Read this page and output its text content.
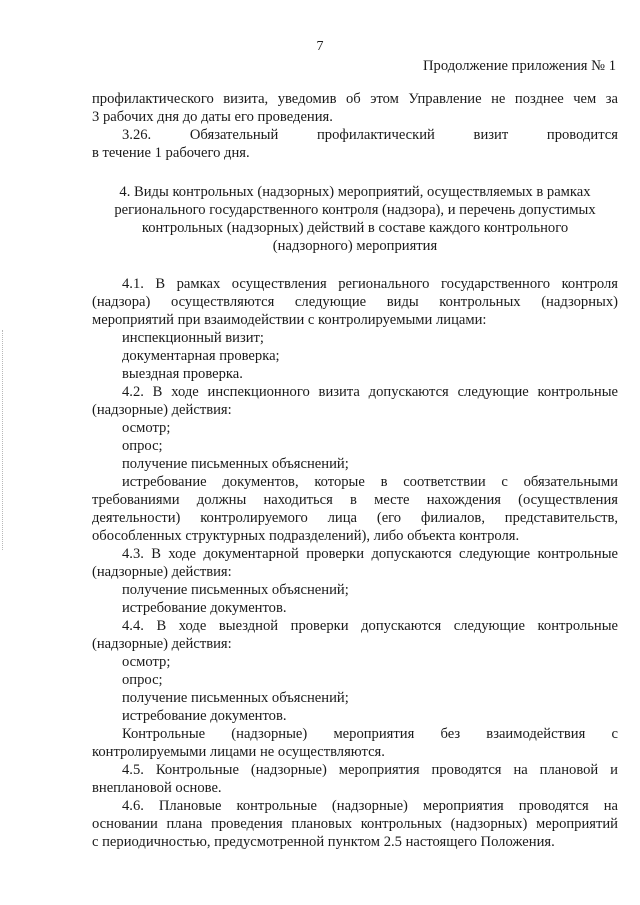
7
Продолжение приложения № 1

профилактического визита, уведомив об этом Управление не позднее чем за

3 рабочих дня до даты его проведения.

3.26.	Обязательный	профилактический	визит	проводится

в течение 1 рабочего дня.

4. Виды контрольных (надзорных) мероприятий, осуществляемых в рамках

регионального государственного контроля (надзора), и перечень допустимых

контрольных (надзорных) действий в составе каждого контрольного

(надзорного) мероприятия

4.1. В рамках осуществления регионального государственного контроля

(надзора) осуществляются следующие виды контрольных (надзорных)

мероприятий при взаимодействии с контролируемыми лицами:

инспекционный визит;

документарная проверка;

выездная проверка.

4.2. В ходе инспекционного визита допускаются следующие контрольные

(надзорные) действия:

осмотр;

опрос;

получение письменных объяснений;

истребование документов, которые в соответствии с обязательными

требованиями должны находиться в месте нахождения (осуществления

деятельности) контролируемого лица (его филиалов, представительств,

обособленных структурных подразделений), либо объекта контроля.

4.3. В ходе документарной проверки допускаются следующие контрольные

(надзорные) действия:

получение письменных объяснений;

истребование документов.

4.4. В ходе выездной проверки допускаются следующие контрольные

(надзорные) действия:

осмотр;

опрос;

получение письменных объяснений;

истребование документов.

Контрольные (надзорные) мероприятия без взаимодействия с

контролируемыми лицами не осуществляются.

4.5. Контрольные (надзорные) мероприятия проводятся на плановой и

внеплановой основе.

4.6. Плановые контрольные (надзорные) мероприятия проводятся на

основании плана проведения плановых контрольных (надзорных) мероприятий

с периодичностью, предусмотренной пунктом 2.5 настоящего Положения.
